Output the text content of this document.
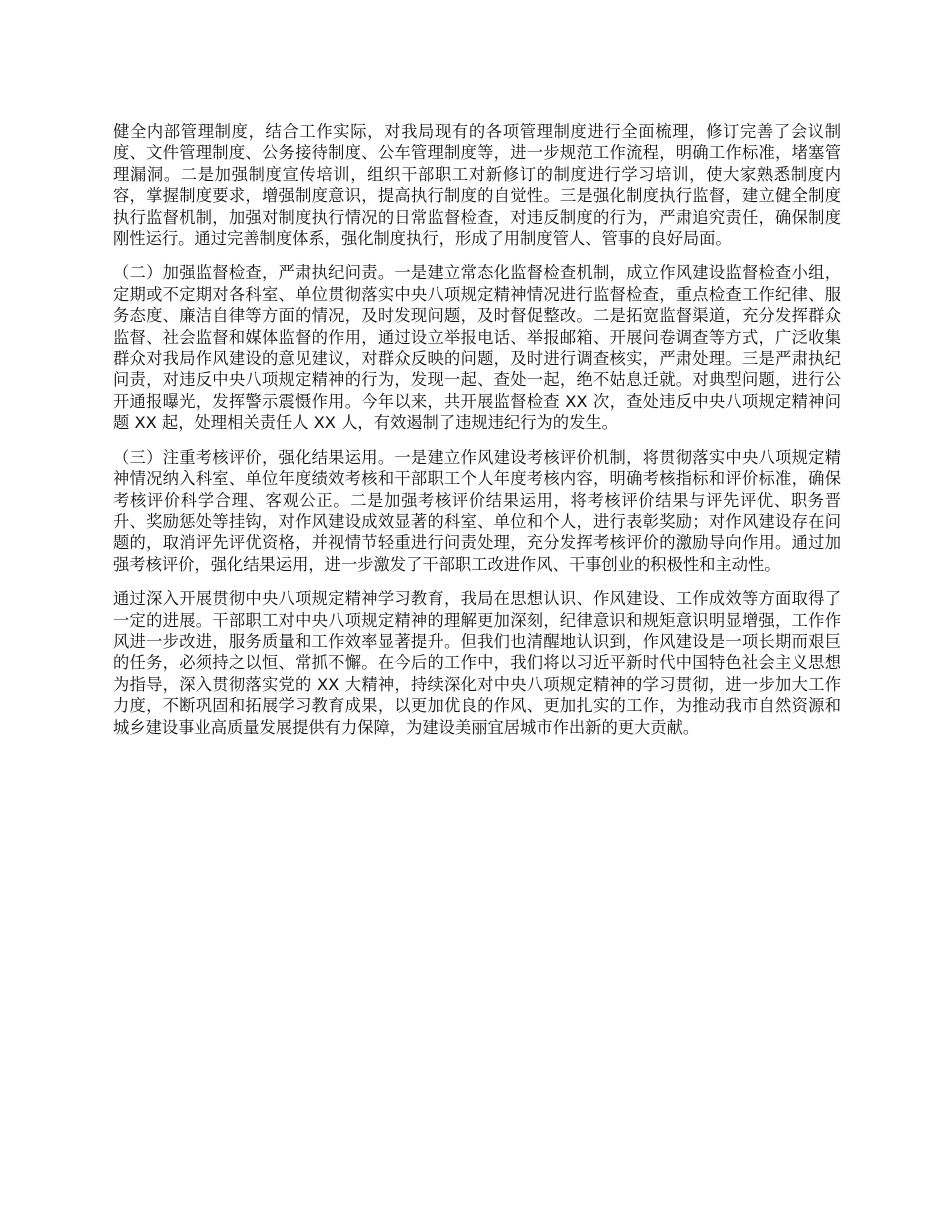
健全内部管理制度，结合工作实际，对我局现有的各项管理制度进行全面梳理，修订完善了会议制度、文件管理制度、公务接待制度、公车管理制度等，进一步规范工作流程，明确工作标准，堵塞管理漏洞。二是加强制度宣传培训，组织干部职工对新修订的制度进行学习培训，使大家熟悉制度内容，掌握制度要求，增强制度意识，提高执行制度的自觉性。三是强化制度执行监督，建立健全制度执行监督机制，加强对制度执行情况的日常监督检查，对违反制度的行为，严肃追究责任，确保制度刚性运行。通过完善制度体系，强化制度执行，形成了用制度管人、管事的良好局面。

（二）加强监督检查，严肃执纪问责。一是建立常态化监督检查机制，成立作风建设监督检查小组，定期或不定期对各科室、单位贯彻落实中央八项规定精神情况进行监督检查，重点检查工作纪律、服务态度、廉洁自律等方面的情况，及时发现问题，及时督促整改。二是拓宽监督渠道，充分发挥群众监督、社会监督和媒体监督的作用，通过设立举报电话、举报邮箱、开展问卷调查等方式，广泛收集群众对我局作风建设的意见建议，对群众反映的问题，及时进行调查核实，严肃处理。三是严肃执纪问责，对违反中央八项规定精神的行为，发现一起、查处一起，绝不姑息迁就。对典型问题，进行公开通报曝光，发挥警示震慑作用。今年以来，共开展监督检查 XX 次，查处违反中央八项规定精神问题 XX 起，处理相关责任人 XX 人，有效遏制了违规违纪行为的发生。

（三）注重考核评价，强化结果运用。一是建立作风建设考核评价机制，将贯彻落实中央八项规定精神情况纳入科室、单位年度绩效考核和干部职工个人年度考核内容，明确考核指标和评价标准，确保考核评价科学合理、客观公正。二是加强考核评价结果运用，将考核评价结果与评先评优、职务晋升、奖励惩处等挂钩，对作风建设成效显著的科室、单位和个人，进行表彰奖励；对作风建设存在问题的，取消评先评优资格，并视情节轻重进行问责处理，充分发挥考核评价的激励导向作用。通过加强考核评价，强化结果运用，进一步激发了干部职工改进作风、干事创业的积极性和主动性。

通过深入开展贯彻中央八项规定精神学习教育，我局在思想认识、作风建设、工作成效等方面取得了一定的进展。干部职工对中央八项规定精神的理解更加深刻，纪律意识和规矩意识明显增强，工作作风进一步改进，服务质量和工作效率显著提升。但我们也清醒地认识到，作风建设是一项长期而艰巨的任务，必须持之以恒、常抓不懈。在今后的工作中，我们将以习近平新时代中国特色社会主义思想为指导，深入贯彻落实党的 XX 大精神，持续深化对中央八项规定精神的学习贯彻，进一步加大工作力度，不断巩固和拓展学习教育成果，以更加优良的作风、更加扎实的工作，为推动我市自然资源和城乡建设事业高质量发展提供有力保障，为建设美丽宜居城市作出新的更大贡献。
